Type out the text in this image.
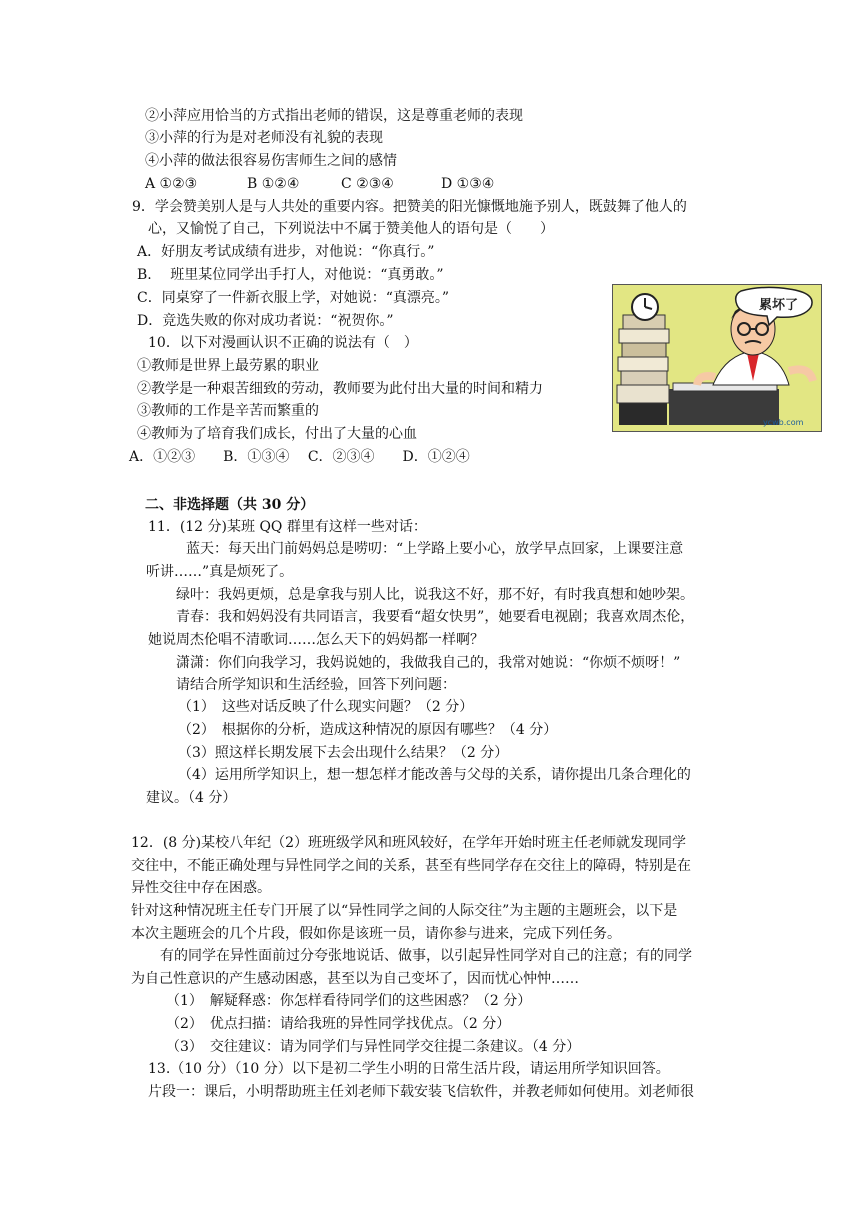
②小萍应用恰当的方式指出老师的错误，这是尊重老师的表现
③小萍的行为是对老师没有礼貌的表现
④小萍的做法很容易伤害师生之间的感情
A ①②③	B ①②④	C ②③④	D ①③④
9．学会赞美别人是与人共处的重要内容。把赞美的阳光慷慨地施予别人，既鼓舞了他人的
心，又愉悦了自己，下列说法中不属于赞美他人的语句是（　　）
A．好朋友考试成绩有进步，对他说：“你真行。”
B.　 班里某位同学出手打人，对他说：“真勇敢。”
C．同桌穿了一件新衣服上学，对她说：“真漂亮。”
D．竞选失败的你对成功者说：“祝贺你。”
10．以下对漫画认识不正确的说法有（　）
①教师是世界上最劳累的职业
②教学是一种艰苦细致的劳动，教师要为此付出大量的时间和精力
③教师的工作是辛苦而繁重的
④教师为了培育我们成长，付出了大量的心血
A．①②③　　B．①③④　 C．②③④　　D．①②④
累坏了
ycwb.com
二、非选择题（共 30 分）
11．(12 分)某班 QQ 群里有这样一些对话：
蓝天：每天出门前妈妈总是唠叨：“上学路上要小心，放学早点回家，上课要注意
听讲……”真是烦死了。
绿叶：我妈更烦，总是拿我与别人比，说我这不好，那不好，有时我真想和她吵架。
青春：我和妈妈没有共同语言，我要看“超女快男”，她要看电视剧；我喜欢周杰伦，
她说周杰伦唱不清歌词……怎么天下的妈妈都一样啊？
潇潇：你们向我学习，我妈说她的，我做我自己的，我常对她说：“你烦不烦呀！”
请结合所学知识和生活经验，回答下列问题：
（1）　这些对话反映了什么现实问题？（2 分）
（2）　根据你的分析，造成这种情况的原因有哪些？（4 分）
（3）照这样长期发展下去会出现什么结果？（2 分）
（4）运用所学知识上，想一想怎样才能改善与父母的关系，请你提出几条合理化的
建议。（4 分）
12．(8 分)某校八年纪（2）班班级学风和班风较好，在学年开始时班主任老师就发现同学
交往中，不能正确处理与异性同学之间的关系，甚至有些同学存在交往上的障碍，特别是在
异性交往中存在困惑。
针对这种情况班主任专门开展了以“异性同学之间的人际交往”为主题的主题班会，以下是
本次主题班会的几个片段，假如你是该班一员，请你参与进来，完成下列任务。
有的同学在异性面前过分夸张地说话、做事，以引起异性同学对自己的注意；有的同学
为自己性意识的产生感动困惑，甚至以为自己变坏了，因而忧心忡忡……
（1）　解疑释惑：你怎样看待同学们的这些困惑？（2 分）
（2）　优点扫描：请给我班的异性同学找优点。（2 分）
（3）　交往建议：请为同学们与异性同学交往提二条建议。（4 分）
13.（10 分）（10 分）以下是初二学生小明的日常生活片段，请运用所学知识回答。
片段一：课后，小明帮助班主任刘老师下载安装飞信软件，并教老师如何使用。刘老师很
